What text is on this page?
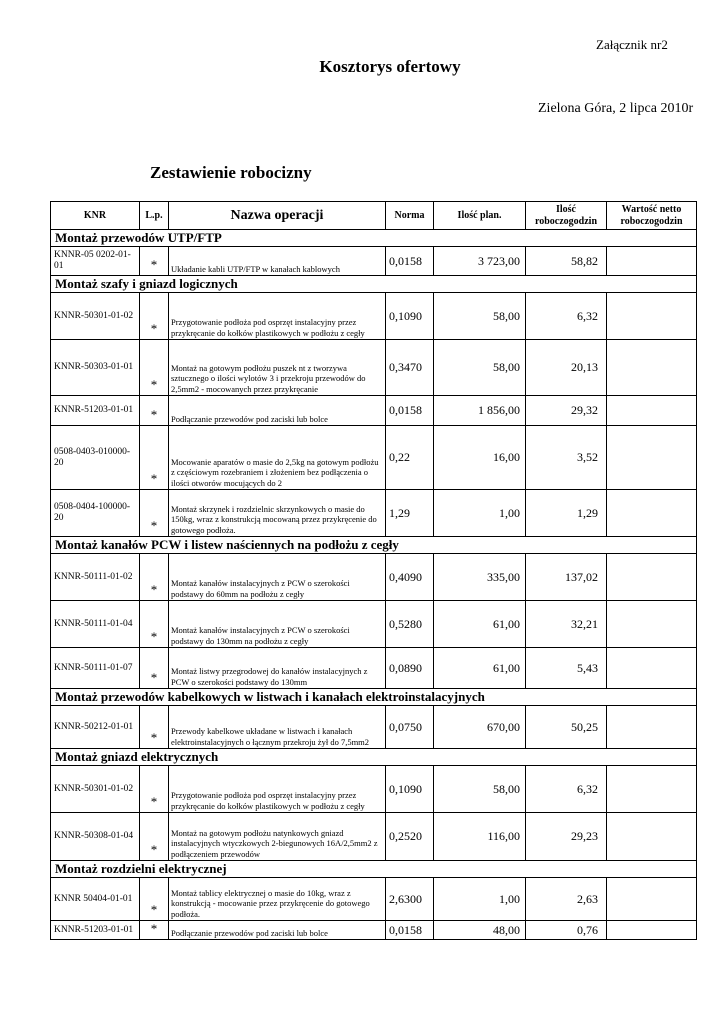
Załącznik nr2
Kosztorys ofertowy
Zielona Góra, 2 lipca 2010r
Zestawienie robocizny
KNR	L.p.	Nazwa operacji	Norma	Ilość plan.	Ilość roboczogodzin	Wartość netto roboczogodzin
Montaż przewodów UTP/FTP						
KNNR-05 0202-01-01	*	Układanie kabli UTP/FTP w kanałach kablowych	0,0158	3 723,00	58,82	
Montaż szafy i gniazd logicznych						
KNNR-50301-01-02	*	Przygotowanie podłoża pod osprzęt instalacyjny przez przykręcanie do kołków plastikowych w podłożu z cegły	0,1090	58,00	6,32	
KNNR-50303-01-01	*	Montaż na gotowym podłożu puszek nt z tworzywa sztucznego o ilości wylotów 3 i przekroju przewodów do 2,5mm2 - mocowanych przez przykręcanie	0,3470	58,00	20,13	
KNNR-51203-01-01	*	Podłączanie przewodów pod zaciski lub bolce	0,0158	1 856,00	29,32	
0508-0403-010000-20	*	Mocowanie aparatów o masie do 2,5kg na gotowym podłożu z częściowym rozebraniem i złożeniem bez podłączenia o ilości otworów mocujących do 2	0,22	16,00	3,52	
0508-0404-100000-20	*	Montaż skrzynek i rozdzielnic skrzynkowych o masie do 150kg, wraz z konstrukcją mocowaną przez przykręcenie do gotowego podłoża.	1,29	1,00	1,29	
Montaż kanałów PCW i listew naściennych na podłożu z cegły						
KNNR-50111-01-02	*	Montaż kanałów instalacyjnych z PCW o szerokości podstawy do 60mm na podłożu z cegły	0,4090	335,00	137,02	
KNNR-50111-01-04	*	Montaż kanałów instalacyjnych z PCW o szerokości podstawy do 130mm na podłożu z cegły	0,5280	61,00	32,21	
KNNR-50111-01-07	*	Montaż listwy przegrodowej do kanałów instalacyjnych z PCW o szerokości podstawy do 130mm	0,0890	61,00	5,43	
Montaż przewodów kabelkowych w listwach i kanałach elektroinstalacyjnych						
KNNR-50212-01-01	*	Przewody kabelkowe układane w listwach i kanałach elektroinstalacyjnych o łącznym przekroju żył do 7,5mm2	0,0750	670,00	50,25	
Montaż gniazd elektrycznych						
KNNR-50301-01-02	*	Przygotowanie podłoża pod osprzęt instalacyjny przez przykręcanie do kołków plastikowych w podłożu z cegły	0,1090	58,00	6,32	
KNNR-50308-01-04	*	Montaż na gotowym podłożu natynkowych gniazd instalacyjnych wtyczkowych 2-biegunowych 16A/2,5mm2 z podłączeniem przewodów	0,2520	116,00	29,23	
Montaż rozdzielni elektrycznej						
KNNR 50404-01-01	*	Montaż tablicy elektrycznej o masie do 10kg, wraz z konstrukcją - mocowanie przez przykręcenie do gotowego podłoża.	2,6300	1,00	2,63	
KNNR-51203-01-01	*	Podłączanie przewodów pod zaciski lub bolce	0,0158	48,00	0,76	
